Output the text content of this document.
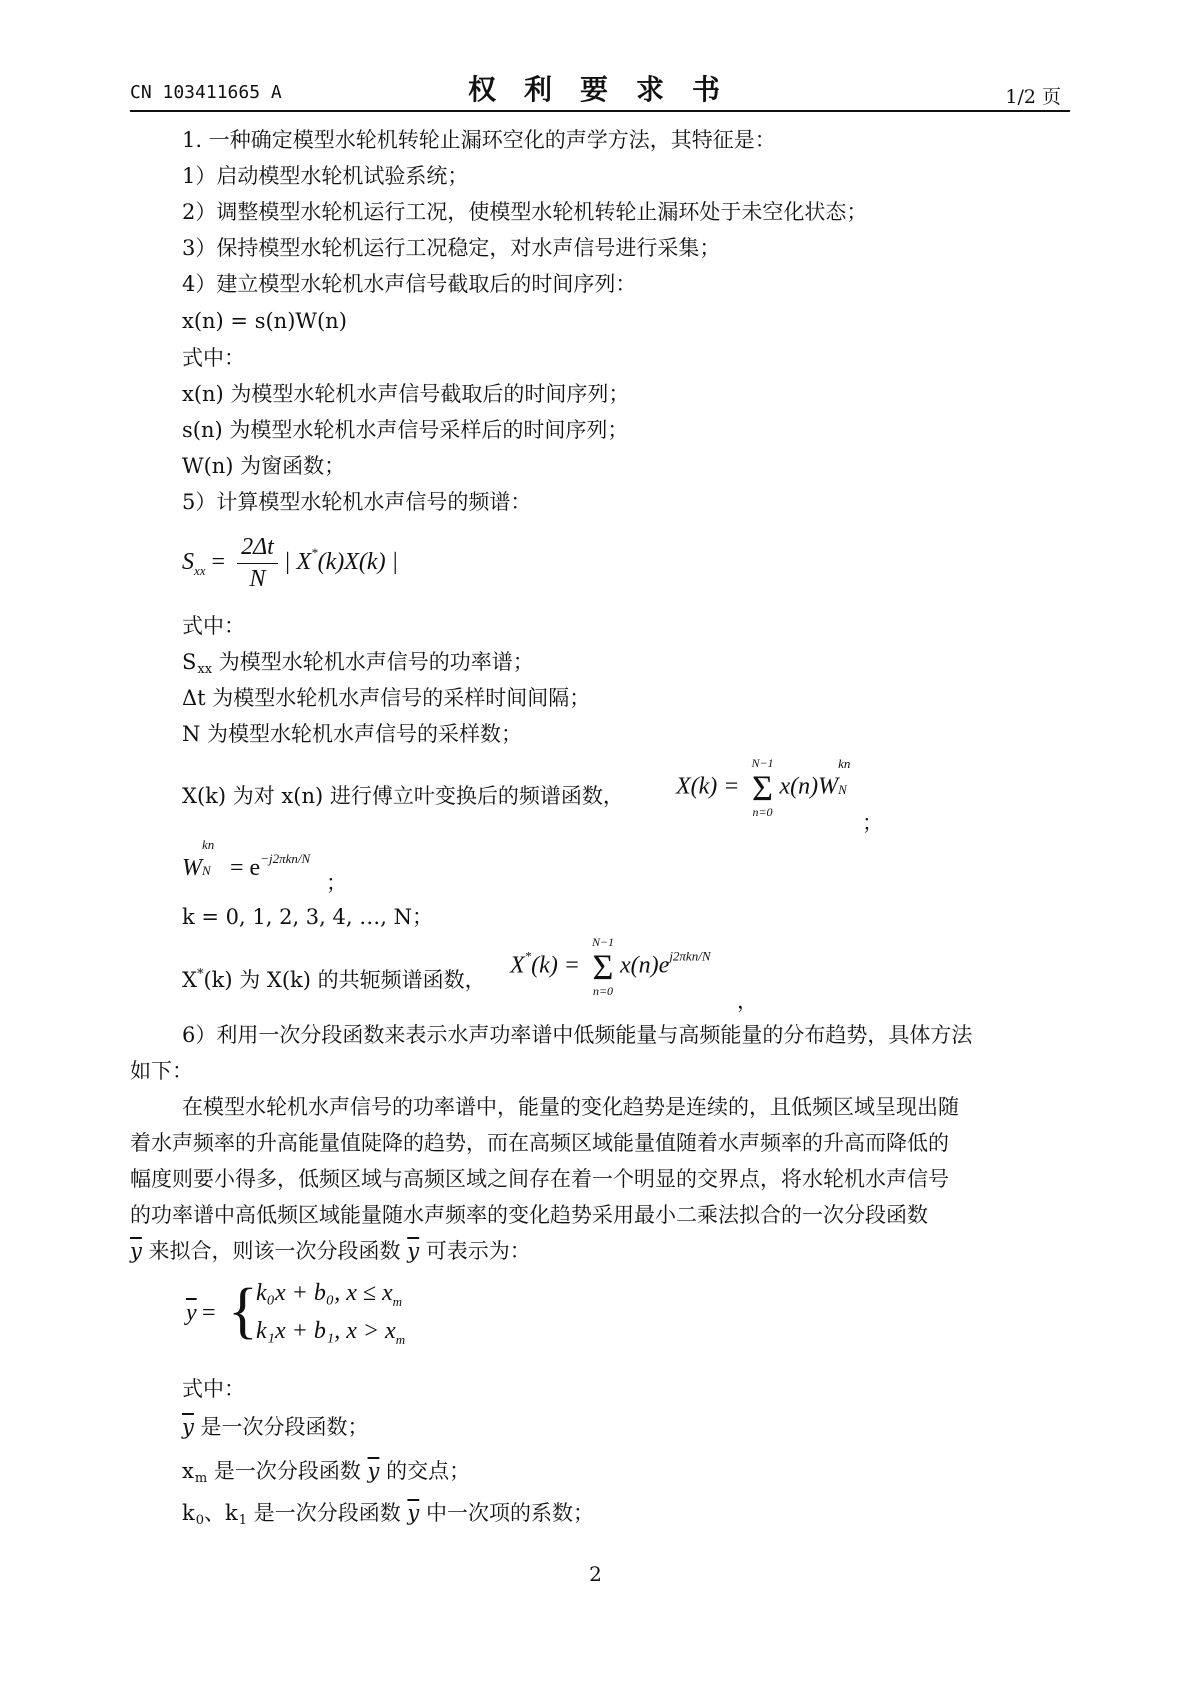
CN 103411665 A	权利要求书	1/2 页
1. 一种确定模型水轮机转轮止漏环空化的声学方法，其特征是：
1）启动模型水轮机试验系统；
2）调整模型水轮机运行工况，使模型水轮机转轮止漏环处于未空化状态；
3）保持模型水轮机运行工况稳定，对水声信号进行采集；
4）建立模型水轮机水声信号截取后的时间序列：
x(n) = s(n)W(n)
式中：
x(n) 为模型水轮机水声信号截取后的时间序列；
s(n) 为模型水轮机水声信号采样后的时间序列；
W(n) 为窗函数；
5）计算模型水轮机水声信号的频谱：
$S_{xx} = \frac{2\Delta t}{N}$ | X*(k)X(k) |
式中：
$S_{xx}$ 为模型水轮机水声信号的功率谱；
Δt 为模型水轮机水声信号的采样时间间隔；
N 为模型水轮机水声信号的采样数；
X(k) 为对 x(n) 进行傅立叶变换后的频谱函数， X(k) =
N−1
Σ
n=0
x(n)W
kn
N
；
W
kn
$N = e^{-j2\pi kn/N}$
；
k = 0, 1, 2, 3, 4, …, N；
X*(k) 为 X(k) 的共轭频谱函数，
X*(k) =
N−1
Σ
n=0
$x(n)e^{j2\pi kn/N}$
，
6）利用一次分段函数来表示水声功率谱中低频能量与高频能量的分布趋势，具体方法
如下：
在模型水轮机水声信号的功率谱中，能量的变化趋势是连续的，且低频区域呈现出随
着水声频率的升高能量值陡降的趋势，而在高频区域能量值随着水声频率的升高而降低的
幅度则要小得多，低频区域与高频区域之间存在着一个明显的交界点，将水轮机水声信号
的功率谱中高低频区域能量随水声频率的变化趋势采用最小二乘法拟合的一次分段函数
$\overline{y}$ 来拟合，则该一次分段函数 $\overline{y}$ 可表示为：
$\overline{y}$ = {
k₀x + b₀, $x \le x_m$
k₁x + b₁, $x > x_m$
式中：
$\overline{y}$ 是一次分段函数；
$x_m$ 是一次分段函数 $\overline{y}$ 的交点；
$k_0$、$k_1$ 是一次分段函数 $\overline{y}$ 中一次项的系数；
2
